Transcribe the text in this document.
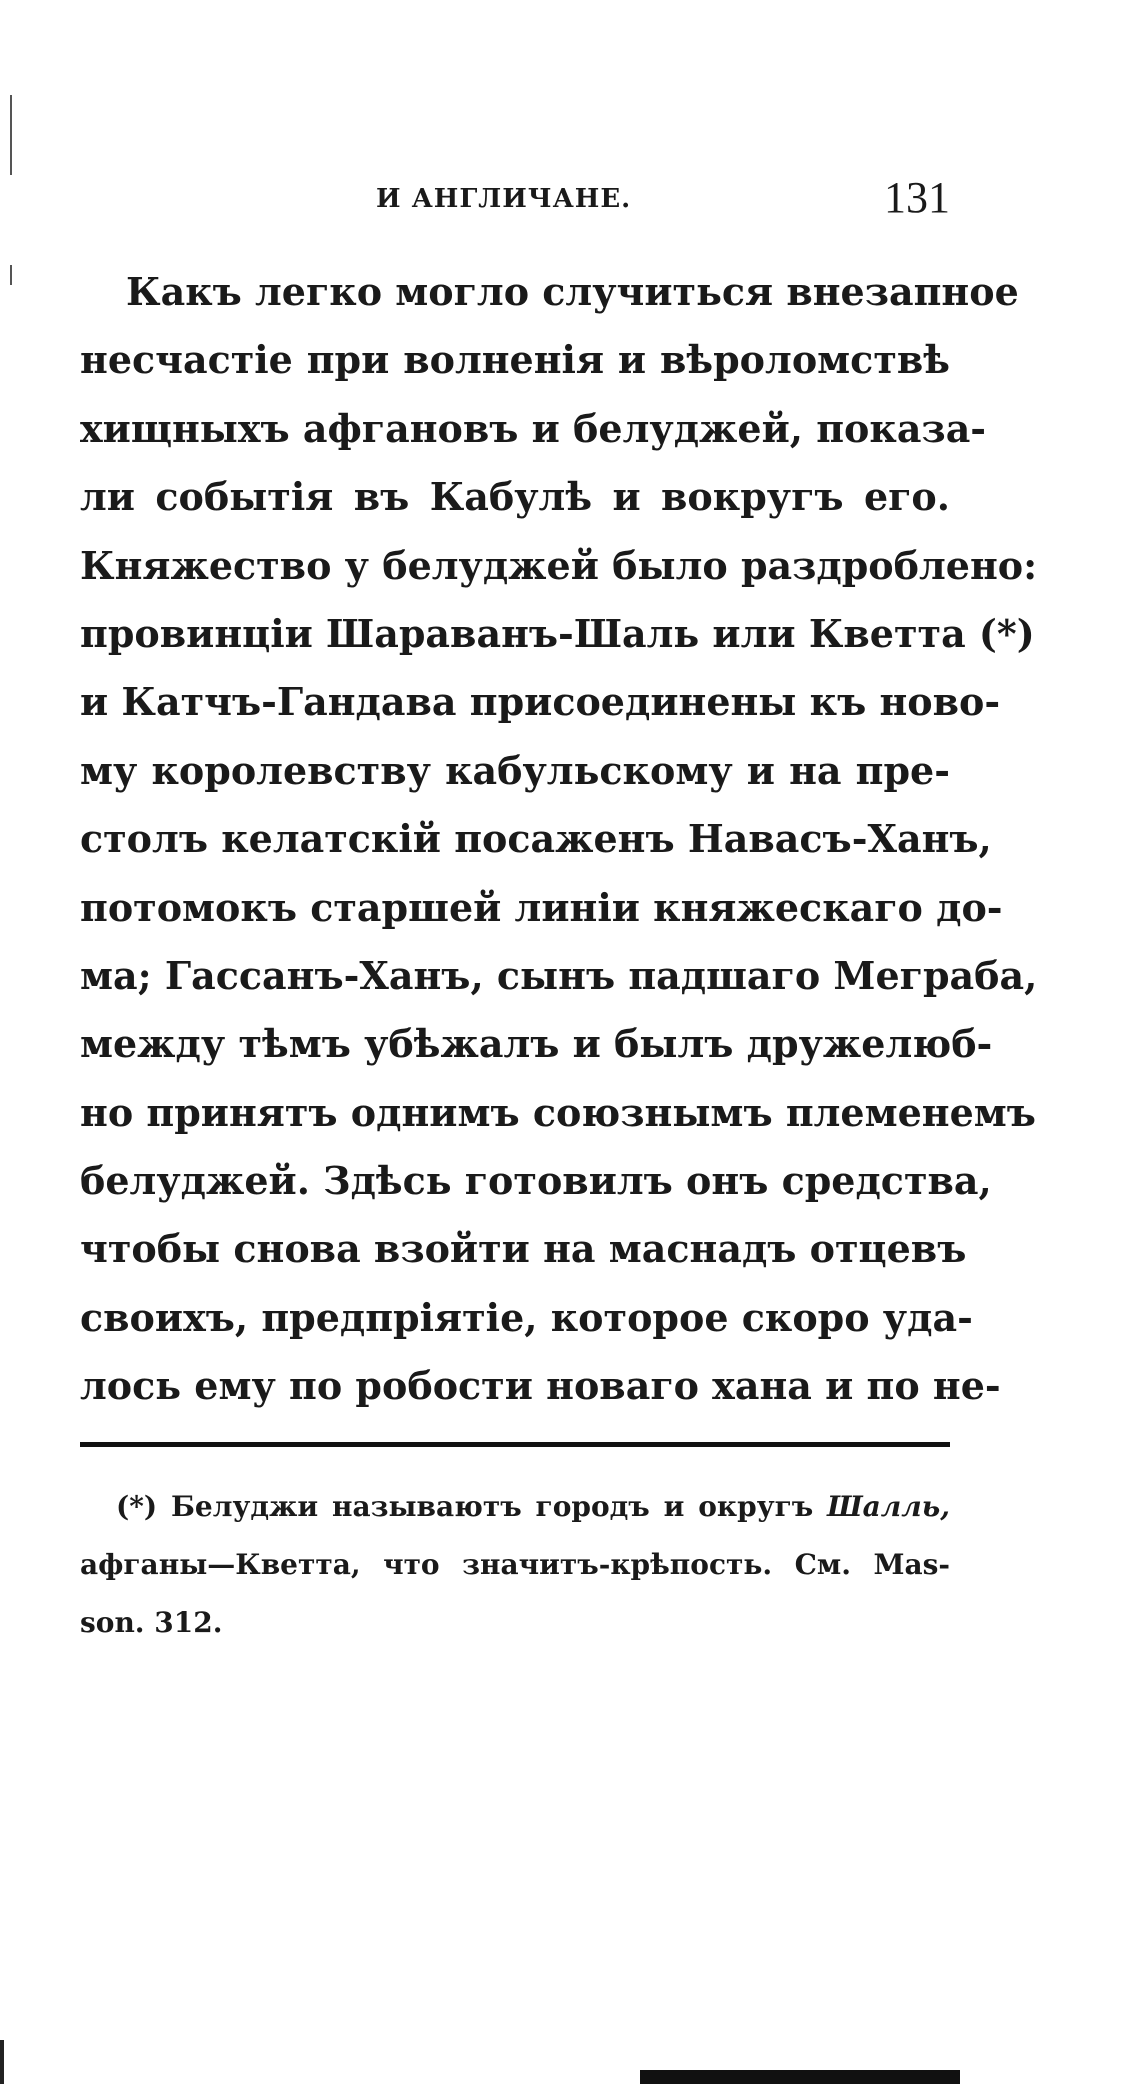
И АНГЛИЧАНЕ.	131
Какъ легко могло случиться внезапное
несчастіе при волненія и вѣроломствѣ
хищныхъ афгановъ и белуджей, показа-
ли событія въ Кабулѣ и вокругъ его.
Княжество у белуджей было раздроблено:
провинціи Шараванъ-Шаль или Кветта (*)
и Катчъ-Гандава присоединены къ ново-
му королевству кабульскому и на пре-
столъ келатскій посаженъ Навасъ-Ханъ,
потомокъ старшей линіи княжескаго до-
ма; Гассанъ-Ханъ, сынъ падшаго Меграба,
между тѣмъ убѣжалъ и былъ дружелюб-
но принятъ однимъ союзнымъ племенемъ
белуджей. Здѣсь готовилъ онъ средства,
чтобы снова взойти на маснадъ отцевъ
своихъ, предпріятіе, которое скоро уда-
лось ему по робости новаго хана и по не-
(*) Белуджи называютъ городъ и округъ Шалль,
афганы—Кветта, что значитъ-крѣпость. См. Mas-
son. 312.
